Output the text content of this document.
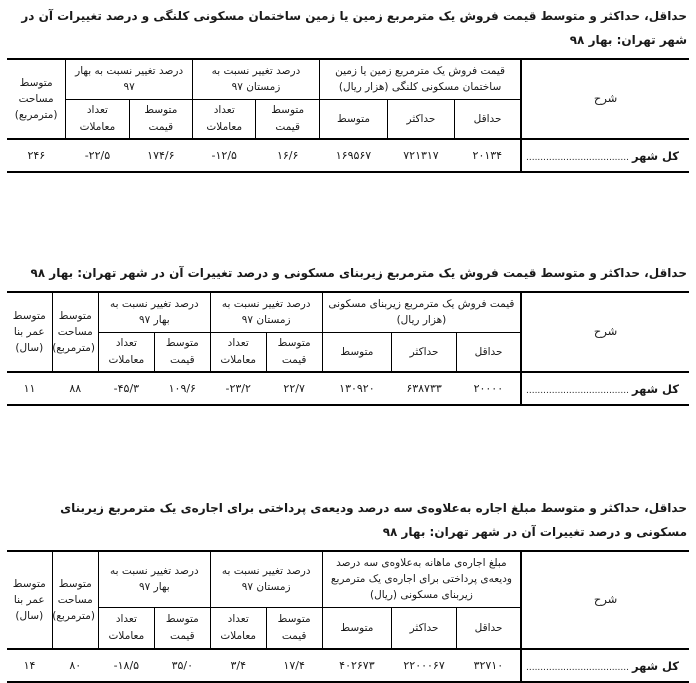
حداقل، حداکثر و متوسط قیمت فروش یک مترمربع زمین یا زمین ساختمان مسکونی کلنگی و درصد تغییرات آن در شهر تهران: بهار ۹۸
شرح	قیمت فروش یک مترمربع زمین یا زمین ساختمان مسکونی کلنگی (هزار ریال)			درصد تغییر نسبت به زمستان ۹۷		درصد تغییر نسبت به بهار ۹۷		متوسط مساحت (مترمربع)
	حداقل	حداکثر	متوسط	متوسط قیمت	تعداد معاملات	متوسط قیمت	تعداد معاملات	
کل شهر....................................	۲۰۱۳۴	۷۲۱۳۱۷	۱۶۹۵۶۷	۱۶/۶	-۱۲/۵	۱۷۴/۶	-۲۲/۵	۲۴۶
حداقل، حداکثر و متوسط قیمت فروش یک مترمربع زیربنای مسکونی و درصد تغییرات آن در شهر تهران: بهار ۹۸
شرح	قیمت فروش یک مترمربع زیربنای مسکونی (هزار ریال)			درصد تغییر نسبت به زمستان ۹۷		درصد تغییر نسبت به بهار ۹۷		متوسط مساحت (مترمربع)	متوسط عمر بنا (سال)
	حداقل	حداکثر	متوسط	متوسط قیمت	تعداد معاملات	متوسط قیمت	تعداد معاملات		
کل شهر....................................	۲۰۰۰۰	۶۳۸۷۳۳	۱۳۰۹۲۰	۲۲/۷	-۲۳/۲	۱۰۹/۶	-۴۵/۳	۸۸	۱۱
حداقل، حداکثر و متوسط مبلغ اجاره به‌علاوه‌ی سه درصد ودیعه‌ی پرداختی برای اجاره‌ی یک مترمربع زیربنای مسکونی و درصد تغییرات آن در شهر تهران: بهار ۹۸
شرح	مبلغ اجاره‌ی ماهانه به‌علاوه‌ی سه درصد ودیعه‌ی پرداختی برای اجاره‌ی یک مترمربع زیربنای مسکونی (ریال)			درصد تغییر نسبت به زمستان ۹۷		درصد تغییر نسبت به بهار ۹۷		متوسط مساحت (مترمربع)	متوسط عمر بنا (سال)
	حداقل	حداکثر	متوسط	متوسط قیمت	تعداد معاملات	متوسط قیمت	تعداد معاملات		
کل شهر....................................	۳۲۷۱۰	۲۲۰۰۰۶۷	۴۰۲۶۷۳	۱۷/۴	۳/۴	۳۵/۰	-۱۸/۵	۸۰	۱۴
